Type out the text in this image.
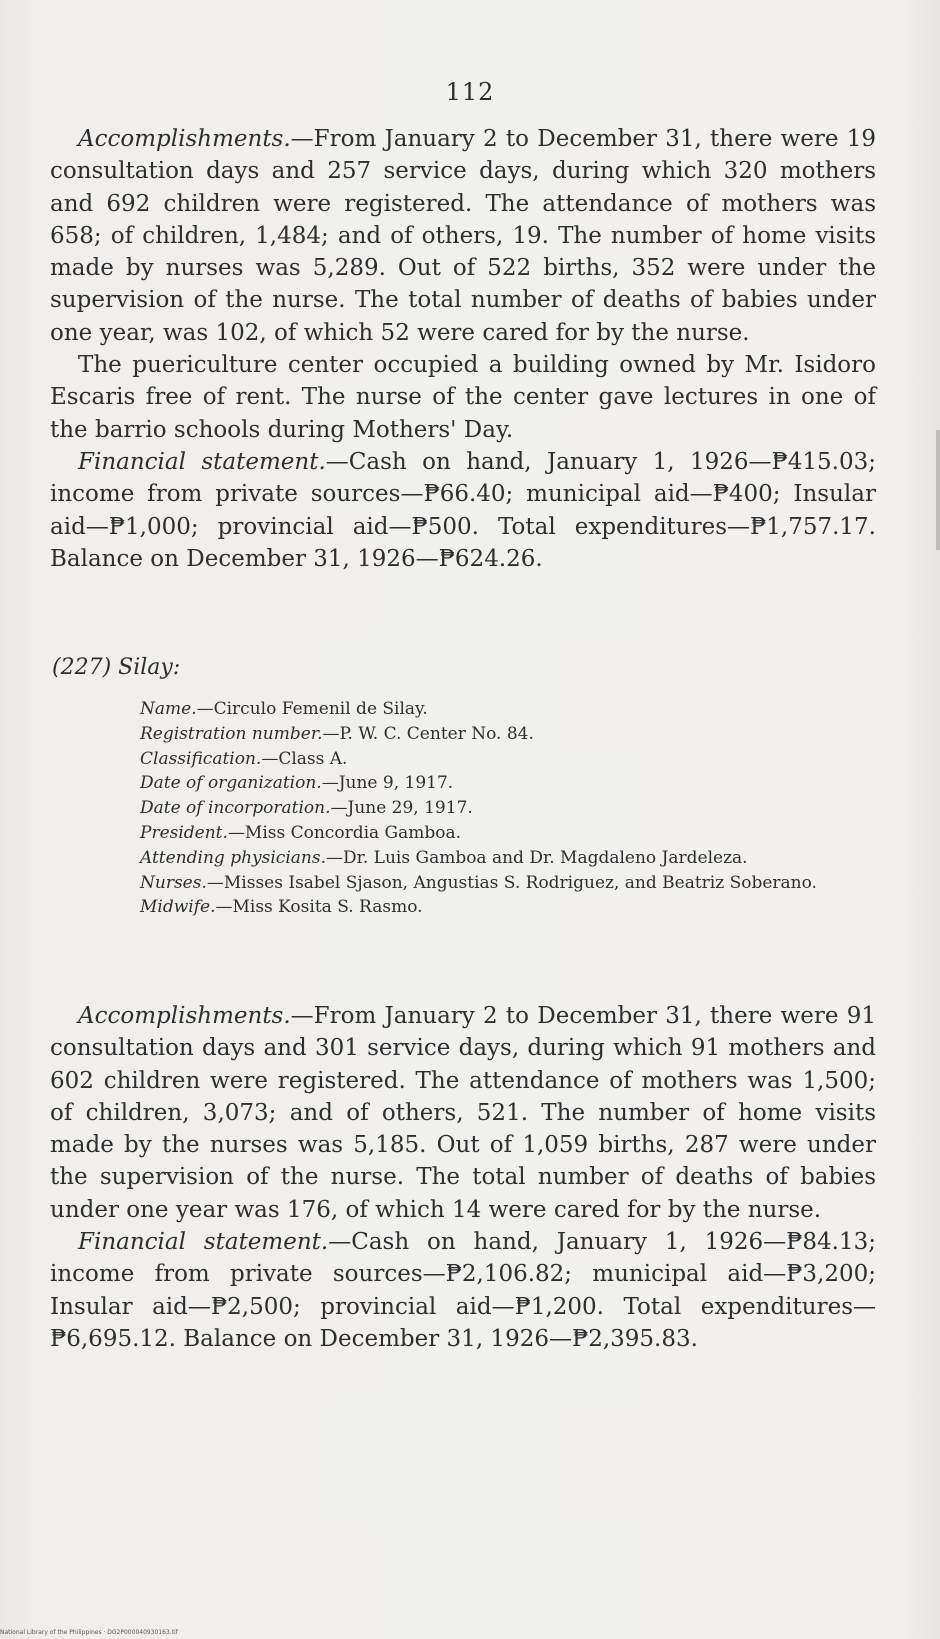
112

Accomplishments.—From January 2 to December 31, there were 19 consultation days and 257 service days, during which 320 mothers and 692 children were registered. The attendance of mothers was 658; of children, 1,484; and of others, 19. The number of home visits made by nurses was 5,289. Out of 522 births, 352 were under the supervision of the nurse. The total number of deaths of babies under one year, was 102, of which 52 were cared for by the nurse.

The puericulture center occupied a building owned by Mr. Isidoro Escaris free of rent. The nurse of the center gave lectures in one of the barrio schools during Mothers' Day.

Financial statement.—Cash on hand, January 1, 1926—₱415.03; income from private sources—₱66.40; municipal aid—₱400; Insular aid—₱1,000; provincial aid—₱500. Total expenditures—₱1,757.17. Balance on December 31, 1926—₱624.26.

(227) Silay:

Name.—Circulo Femenil de Silay.

Registration number.—P. W. C. Center No. 84.

Classification.—Class A.

Date of organization.—June 9, 1917.

Date of incorporation.—June 29, 1917.

President.—Miss Concordia Gamboa.

Attending physicians.—Dr. Luis Gamboa and Dr. Magdaleno Jardeleza.

Nurses.—Misses Isabel Sjason, Angustias S. Rodriguez, and Beatriz Soberano.

Midwife.—Miss Kosita S. Rasmo.

Accomplishments.—From January 2 to December 31, there were 91 consultation days and 301 service days, during which 91 mothers and 602 children were registered. The attendance of mothers was 1,500; of children, 3,073; and of others, 521. The number of home visits made by the nurses was 5,185. Out of 1,059 births, 287 were under the supervision of the nurse. The total number of deaths of babies under one year was 176, of which 14 were cared for by the nurse.

Financial statement.—Cash on hand, January 1, 1926—₱84.13; income from private sources—₱2,106.82; municipal aid—₱3,200; Insular aid—₱2,500; provincial aid—₱1,200. Total expenditures—₱6,695.12. Balance on December 31, 1926—₱2,395.83.

National Library of the Philippines · DG2P000040930163.tif
